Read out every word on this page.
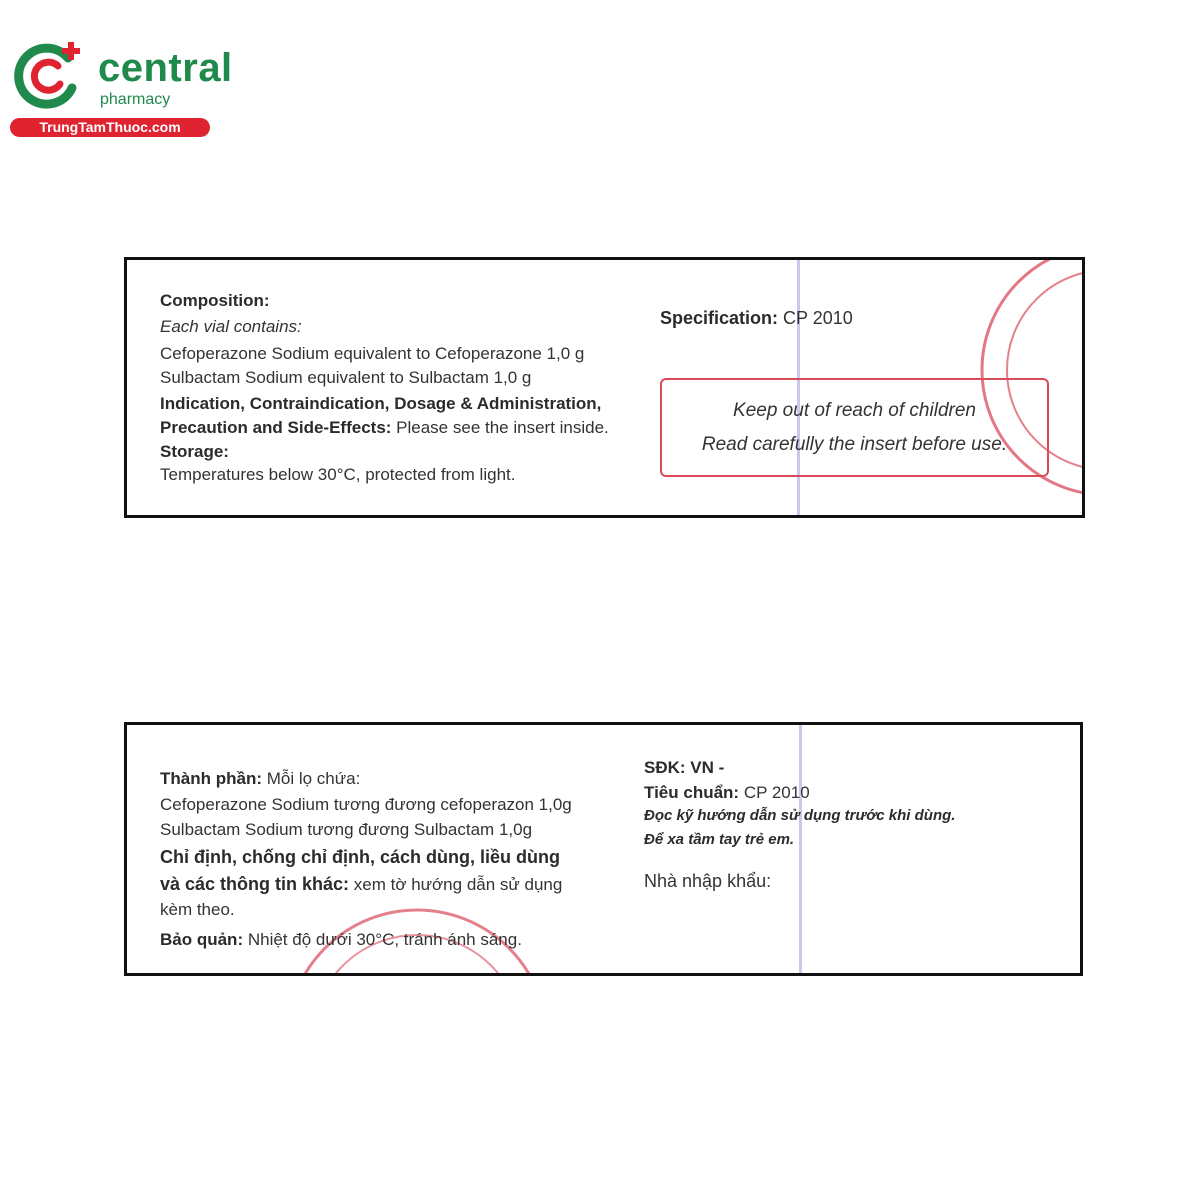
central
pharmacy
TrungTamThuoc.com
Composition:
Each vial contains:
Cefoperazone Sodium equivalent to Cefoperazone 1,0 g
Sulbactam Sodium equivalent to Sulbactam 1,0 g
Indication, Contraindication, Dosage & Administration,
Precaution and Side-Effects: Please see the insert inside.
Storage:
Temperatures below 30°C, protected from light.
Specification: CP 2010
Keep out of reach of children
Read carefully the insert before use.
Thành phần: Mỗi lọ chứa:
Cefoperazone Sodium tương đương cefoperazon 1,0g
Sulbactam Sodium tương đương Sulbactam 1,0g
Chỉ định, chống chỉ định, cách dùng, liều dùng
và các thông tin khác: xem tờ hướng dẫn sử dụng
kèm theo.
Bảo quản: Nhiệt độ dưới 30°C, tránh ánh sáng.
SĐK: VN -
Tiêu chuẩn: CP 2010
Đọc kỹ hướng dẫn sử dụng trước khi dùng.
Để xa tầm tay trẻ em.
Nhà nhập khẩu:
